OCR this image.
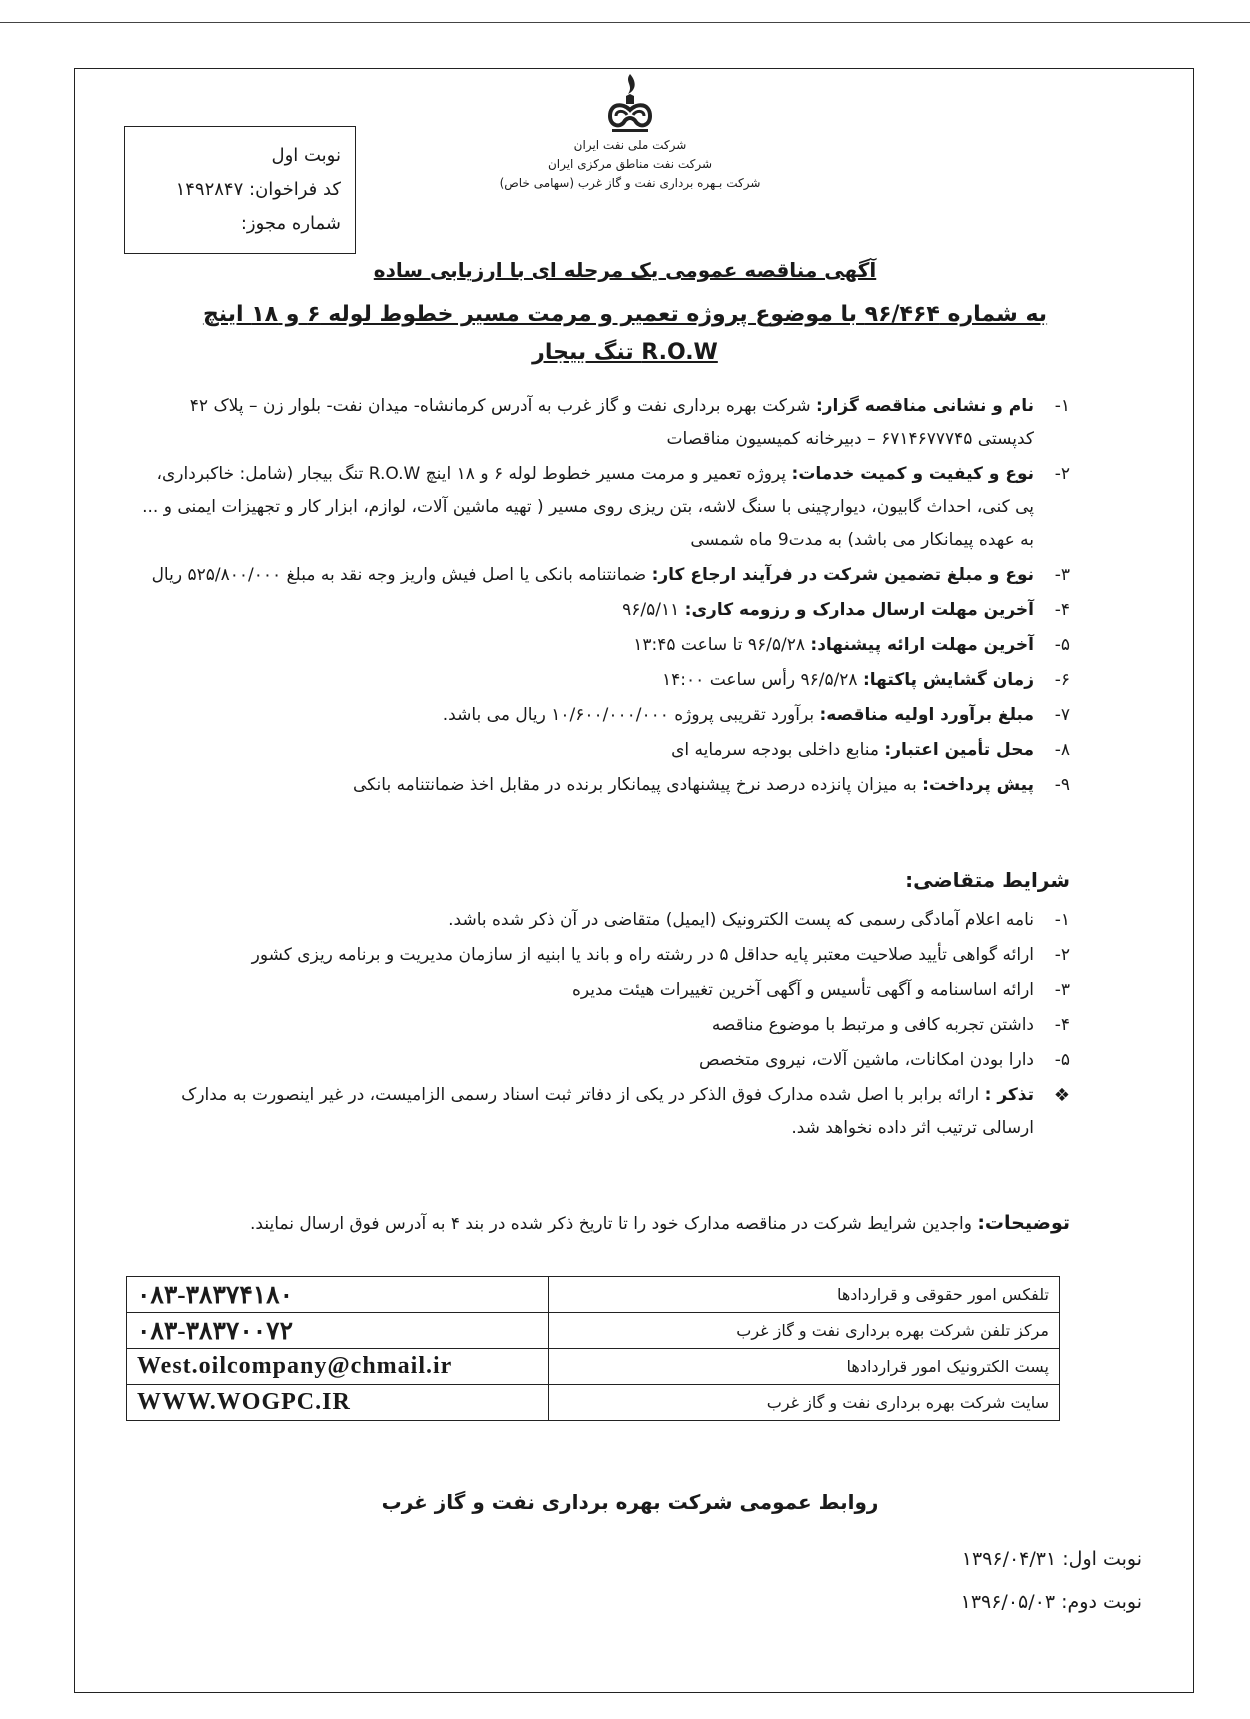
نوبت اول
کد فراخوان: ۱۴۹۲۸۴۷
شماره مجوز:
شرکت ملی نفت ایران
شرکت نفت مناطق مرکزی ایران
شرکت بـهره برداری نفت و گاز غرب (سهامی خاص)
آگهی مناقصه عمومی یک مرحله ای با ارزیابی ساده
به شماره ۹۶/۴۶۴ با موضوع پروژه تعمیر و مرمت مسیر خطوط لوله ۶ و ۱۸ اینچ R.O.W تنگ بیجار
۱-
نام و نشانی مناقصه گزار: شرکت بهره برداری نفت و گاز غرب به آدرس کرمانشاه- میدان نفت- بلوار زن – پلاک ۴۲ کدپستی ۶۷۱۴۶۷۷۷۴۵ – دبیرخانه کمیسیون مناقصات
۲-
نوع و کیفیت و کمیت خدمات: پروژه تعمیر و مرمت مسیر خطوط لوله ۶ و ۱۸ اینچ R.O.W تنگ بیجار (شامل: خاکبرداری، پی کنی، احداث گابیون، دیوارچینی با سنگ لاشه، بتن ریزی روی مسیر ( تهیه ماشین آلات، لوازم، ابزار کار و تجهیزات ایمنی و ... به عهده پیمانکار می باشد) به مدت9 ماه شمسی
۳-
نوع و مبلغ تضمین شرکت در فرآیند ارجاع کار: ضمانتنامه بانکی یا اصل فیش واریز وجه نقد به مبلغ ۵۲۵/۸۰۰/۰۰۰ ریال
۴-
آخرین مهلت ارسال مدارک و رزومه کاری: ۹۶/۵/۱۱
۵-
آخرین مهلت ارائه پیشنهاد: ۹۶/۵/۲۸ تا ساعت ۱۳:۴۵
۶-
زمان گشایش پاکتها: ۹۶/۵/۲۸ رأس ساعت ۱۴:۰۰
۷-
مبلغ برآورد اولیه مناقصه: برآورد تقریبی پروژه ۱۰/۶۰۰/۰۰۰/۰۰۰ ریال می باشد.
۸-
محل تأمین اعتبار: منابع داخلی بودجه سرمایه ای
۹-
پیش پرداخت: به میزان پانزده درصد نرخ پیشنهادی پیمانکار برنده در مقابل اخذ ضمانتنامه بانکی
شرایط متقاضی:
۱-
نامه اعلام آمادگی رسمی که پست الکترونیک (ایمیل) متقاضی در آن ذکر شده باشد.
۲-
ارائه گواهی تأیید صلاحیت معتبر پایه حداقل ۵ در رشته راه و باند یا ابنیه از سازمان مدیریت و برنامه ریزی کشور
۳-
ارائه اساسنامه و آگهی تأسیس و آگهی آخرین تغییرات هیئت مدیره
۴-
داشتن تجربه کافی و مرتبط با موضوع مناقصه
۵-
دارا بودن امکانات، ماشین آلات، نیروی متخصص
❖
تذکر : ارائه برابر با اصل شده مدارک فوق الذکر در یکی از دفاتر ثبت اسناد رسمی الزامیست، در غیر اینصورت به مدارک ارسالی ترتیب اثر داده نخواهد شد.
توضیحات: واجدین شرایط شرکت در مناقصه مدارک خود را تا تاریخ ذکر شده در بند ۴ به آدرس فوق ارسال نمایند.
تلفکس امور حقوقی و قراردادها	۰۸۳-۳۸۳۷۴۱۸۰
مرکز تلفن شرکت بهره برداری نفت و گاز غرب	۰۸۳-۳۸۳۷۰۰۷۲
پست الکترونیک امور قراردادها	West.oilcompany@chmail.ir
سایت شرکت بهره برداری نفت و گاز غرب	WWW.WOGPC.IR
روابط عمومی شرکت بهره برداری نفت و گاز غرب
نوبت اول: ۱۳۹۶/۰۴/۳۱
نوبت دوم: ۱۳۹۶/۰۵/۰۳
